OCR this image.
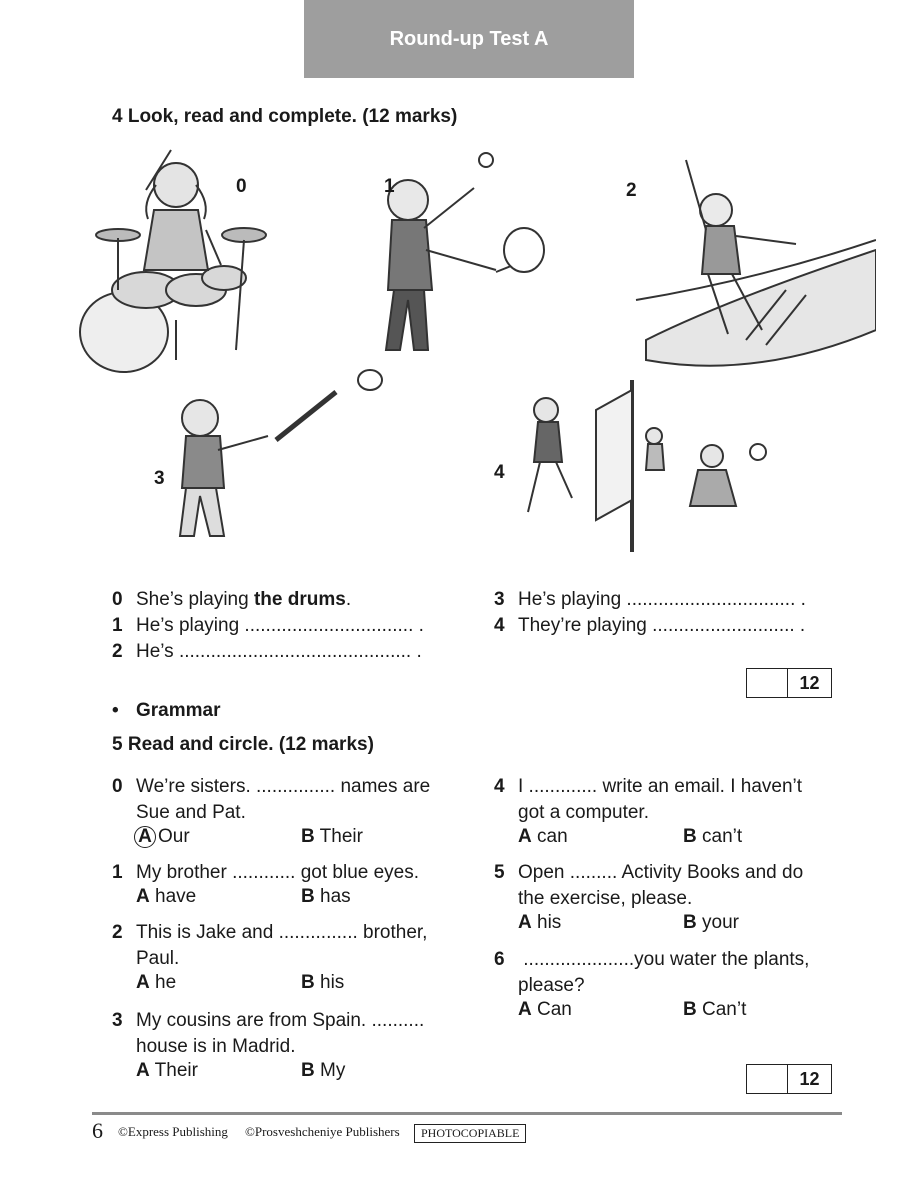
Round-up Test A
4 Look, read and complete. (12 marks)
0	1	2
3	4
0 She’s playing the drums.
1 He’s playing ................................ .
2 He’s ............................................ .
3 He’s playing ................................ .
4 They’re playing ........................... .
12
• Grammar
5 Read and circle. (12 marks)
0 We’re sisters. ............... names are
Sue and Pat.
A Our	B Their
1 My brother ............ got blue eyes.
A have	B has
2 This is Jake and ............... brother,
Paul.
A he	B his
3 My cousins are from Spain. ..........
house is in Madrid.
A Their	B My
4 I ............. write an email. I haven’t
got a computer.
A can	B can’t
5 Open ......... Activity Books and do
the exercise, please.
A his	B your
6 .....................you water the plants,
please?
A Can	B Can’t
12
6 ©Express Publishing ©Prosveshcheniye Publishers	PHOTOCOPIABLE
